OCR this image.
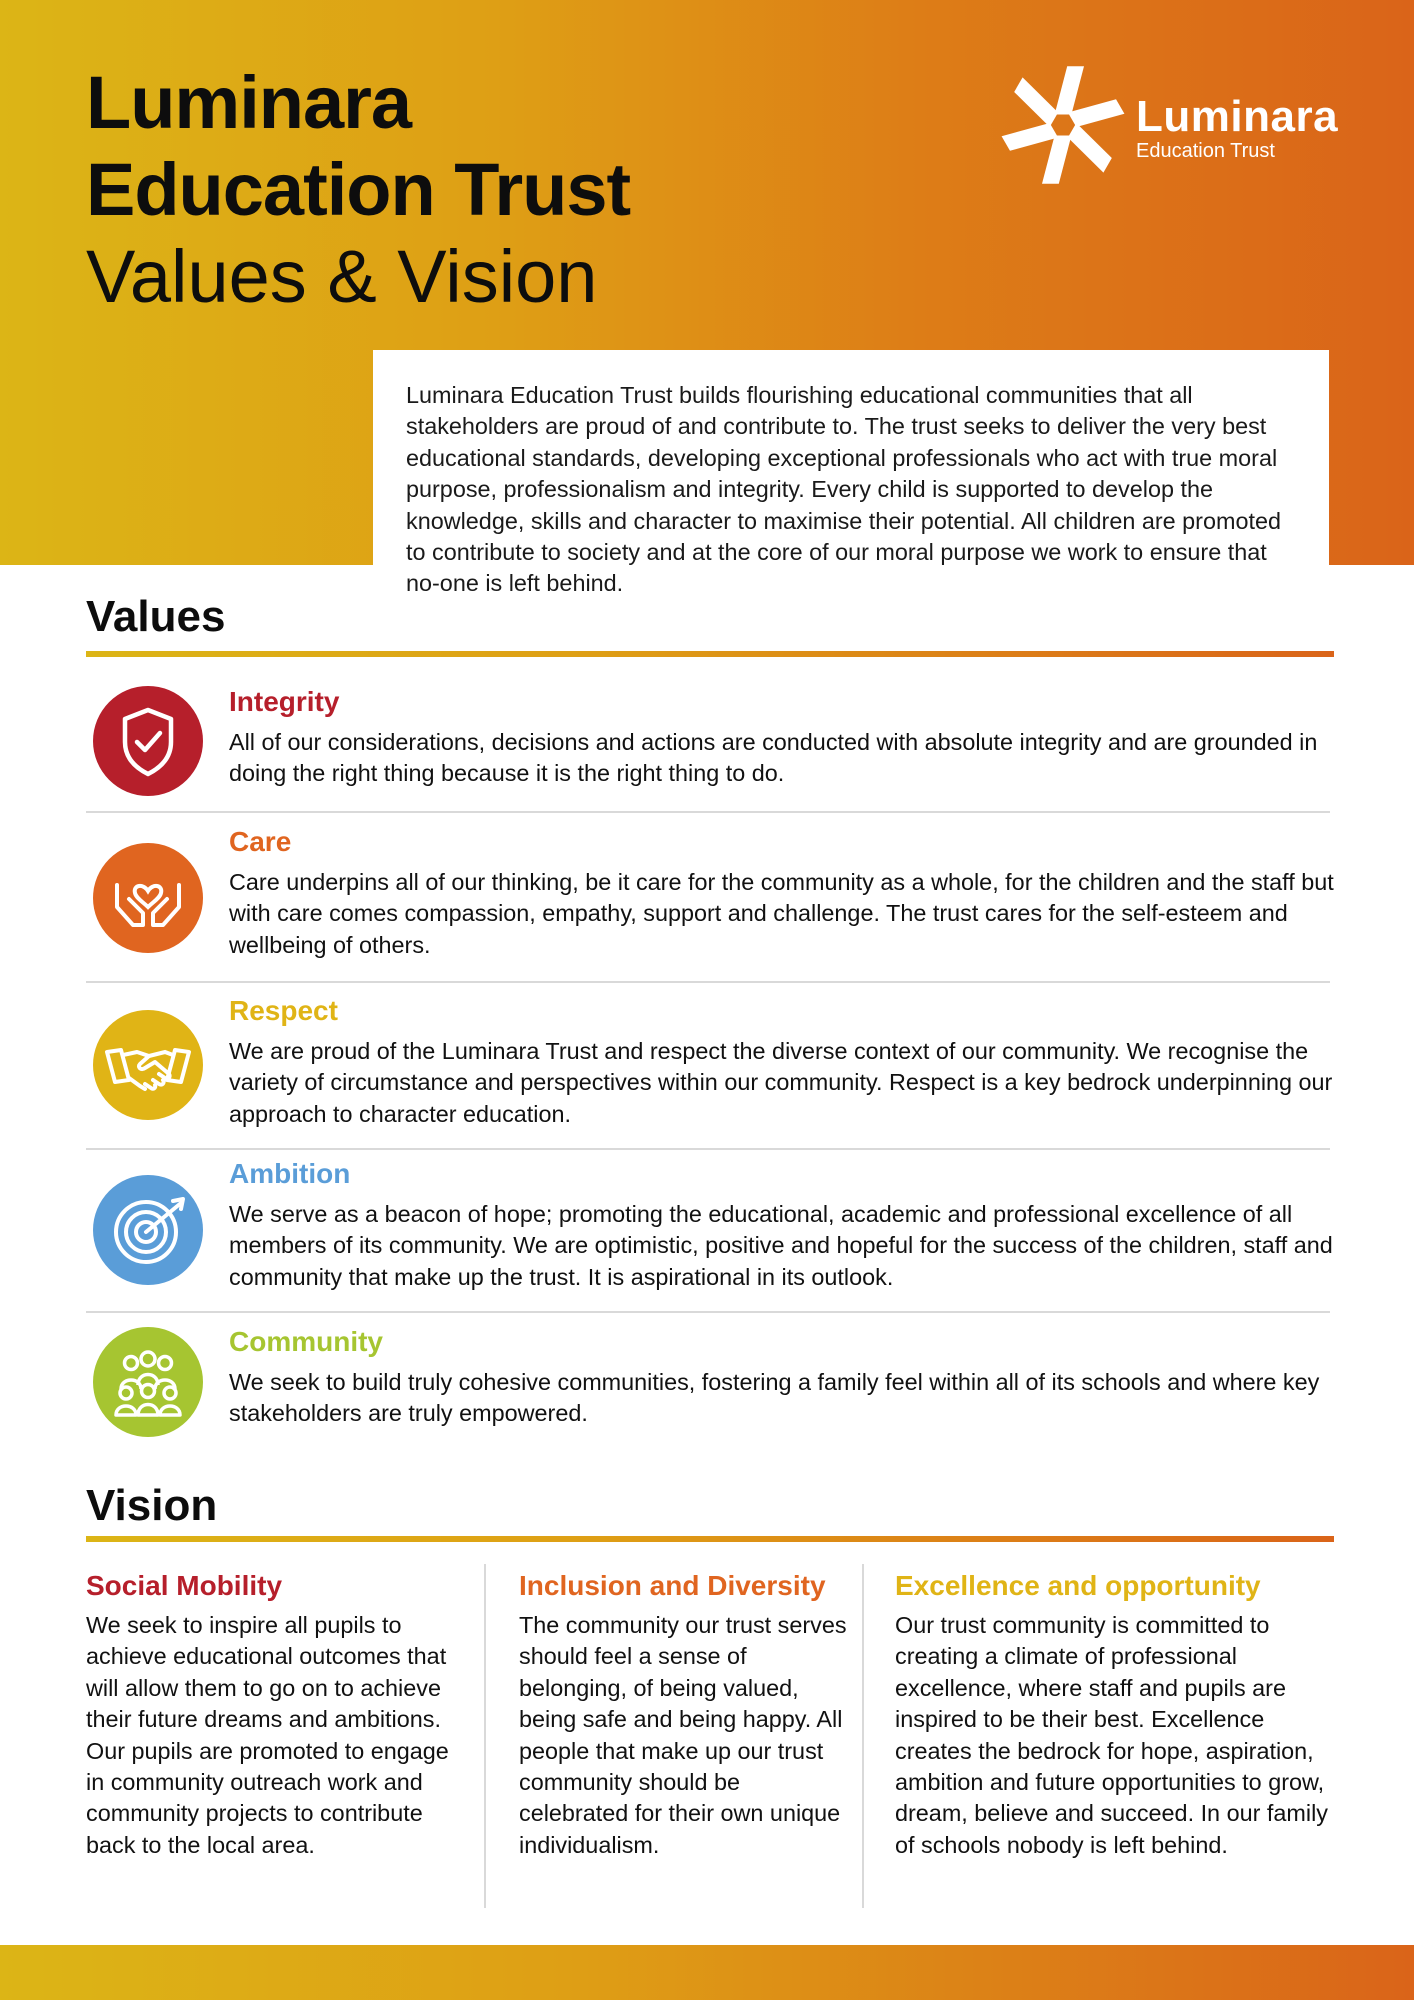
Luminara
Education Trust
Values & Vision
Luminara
Education Trust

Luminara Education Trust builds flourishing educational communities that all stakeholders are proud of and contribute to. The trust seeks to deliver the very best educational standards, developing exceptional professionals who act with true moral purpose, professionalism and integrity. Every child is supported to develop the knowledge, skills and character to maximise their potential. All children are promoted to contribute to society and at the core of our moral purpose we work to ensure that no-one is left behind.

Values
Integrity

All of our considerations, decisions and actions are conducted with absolute integrity and are grounded in doing the right thing because it is the right thing to do.

Care

Care underpins all of our thinking, be it care for the community as a whole, for the children and the staff but with care comes compassion, empathy, support and challenge. The trust cares for the self-esteem and wellbeing of others.

Respect

We are proud of the Luminara Trust and respect the diverse context of our community. We recognise the variety of circumstance and perspectives within our community. Respect is a key bedrock underpinning our approach to character education.

Ambition

We serve as a beacon of hope; promoting the educational, academic and professional excellence of all members of its community. We are optimistic, positive and hopeful for the success of the children, staff and community that make up the trust. It is aspirational in its outlook.

Community

We seek to build truly cohesive communities, fostering a family feel within all of its schools and where key stakeholders are truly empowered.

Vision
Social Mobility

We seek to inspire all pupils to achieve educational outcomes that will allow them to go on to achieve their future dreams and ambitions. Our pupils are promoted to engage in community outreach work and community projects to contribute back to the local area.

Inclusion and Diversity

The community our trust serves should feel a sense of belonging, of being valued, being safe and being happy. All people that make up our trust community should be celebrated for their own unique individualism.

Excellence and opportunity

Our trust community is committed to creating a climate of professional excellence, where staff and pupils are inspired to be their best. Excellence creates the bedrock for hope, aspiration, ambition and future opportunities to grow, dream, believe and succeed. In our family of schools nobody is left behind.
